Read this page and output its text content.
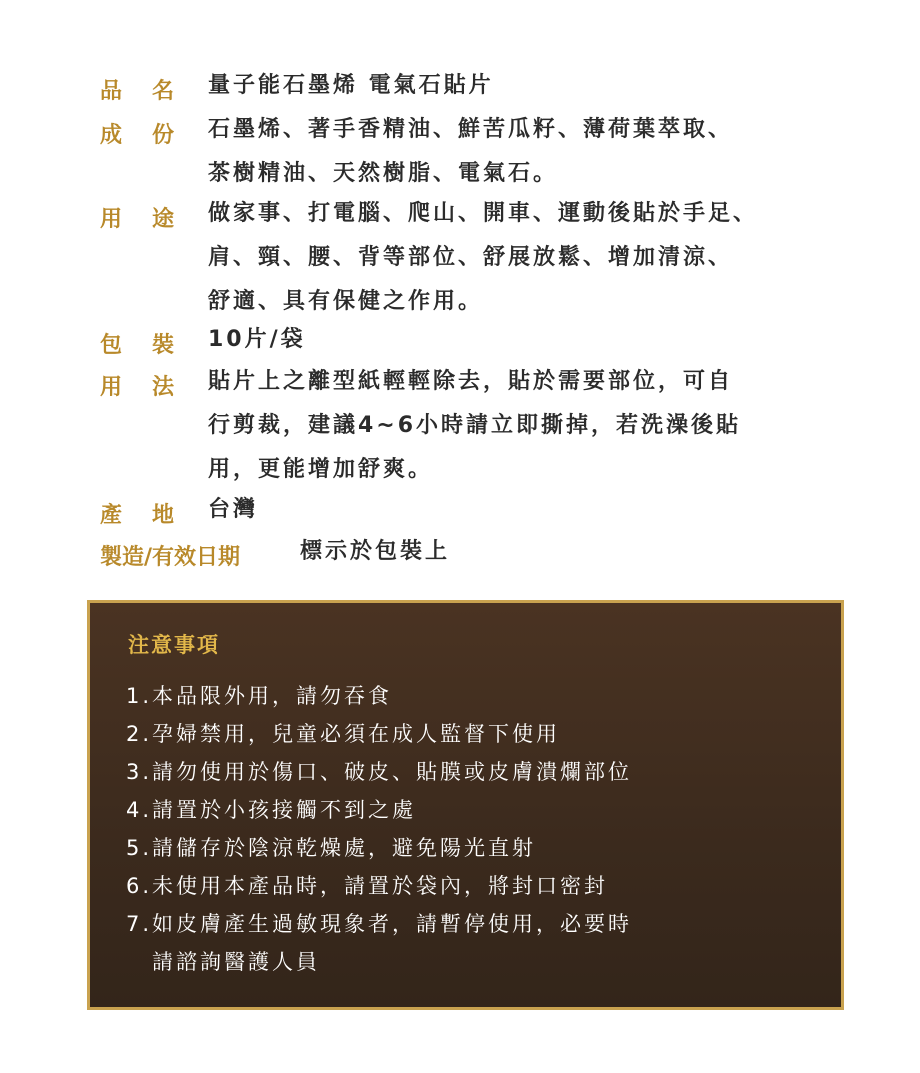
品名 量子能石墨烯 電氣石貼片
成份 石墨烯、著手香精油、鮮苦瓜籽、薄荷葉萃取、
茶樹精油、天然樹脂、電氣石。
用途 做家事、打電腦、爬山、開車、運動後貼於手足、
肩、頸、腰、背等部位、舒展放鬆、增加清涼、
舒適、具有保健之作用。
包裝 10片/袋
用法 貼片上之離型紙輕輕除去，貼於需要部位，可自
行剪裁，建議4~6小時請立即撕掉，若洗澡後貼
用，更能增加舒爽。
產地 台灣
製造/有效日期	標示於包裝上
注意事項
1.本品限外用，請勿吞食
2.孕婦禁用，兒童必須在成人監督下使用
3.請勿使用於傷口、破皮、貼膜或皮膚潰爛部位
4.請置於小孩接觸不到之處
5.請儲存於陰涼乾燥處，避免陽光直射
6.未使用本產品時，請置於袋內，將封口密封
7.如皮膚產生過敏現象者，請暫停使用，必要時
請諮詢醫護人員
